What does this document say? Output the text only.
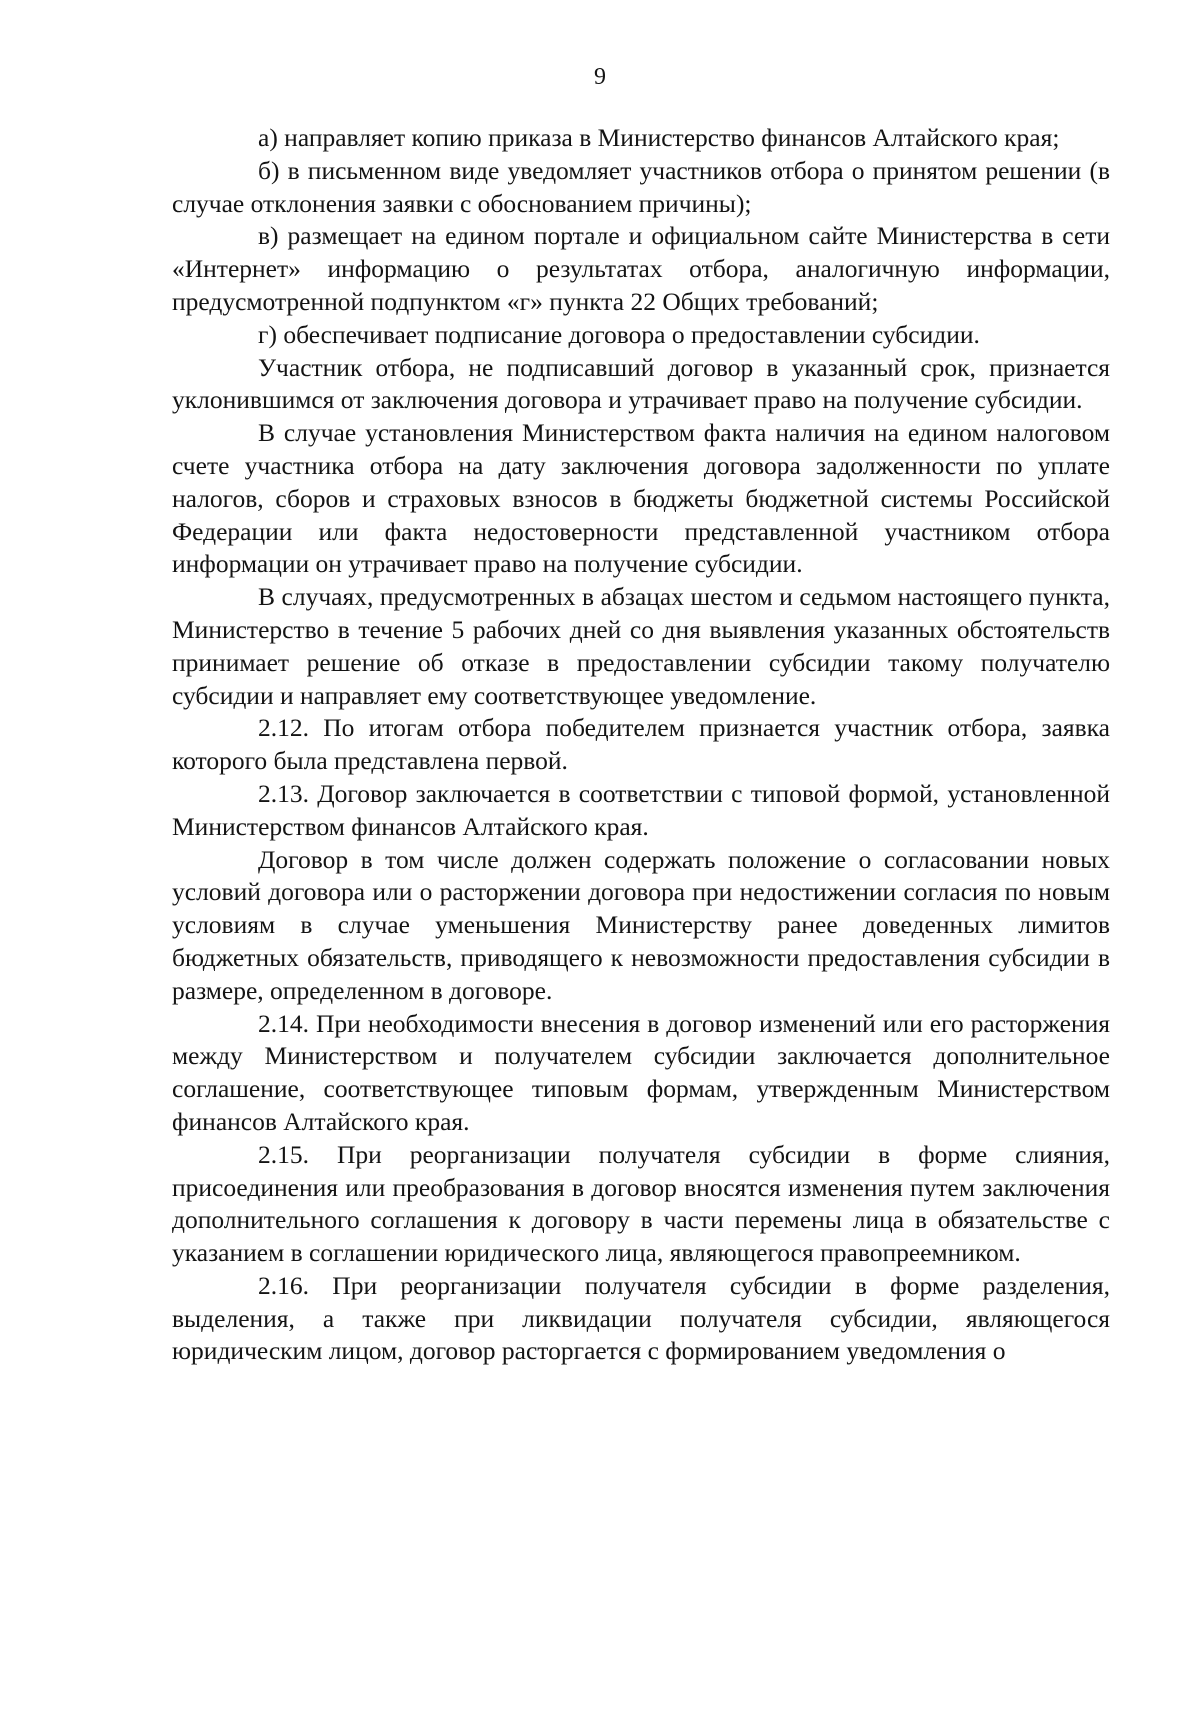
9

а) направляет копию приказа в Министерство финансов Алтайского края;

б) в письменном виде уведомляет участников отбора о принятом решении (в случае отклонения заявки с обоснованием причины);

в) размещает на едином портале и официальном сайте Министерства в сети «Интернет» информацию о результатах отбора, аналогичную информации, предусмотренной подпунктом «г» пункта 22 Общих требований;

г) обеспечивает подписание договора о предоставлении субсидии.

Участник отбора, не подписавший договор в указанный срок, признается уклонившимся от заключения договора и утрачивает право на получение субсидии.

В случае установления Министерством факта наличия на едином налоговом счете участника отбора на дату заключения договора задолженности по уплате налогов, сборов и страховых взносов в бюджеты бюджетной системы Российской Федерации или факта недостоверности представленной участником отбора информации он утрачивает право на получение субсидии.

В случаях, предусмотренных в абзацах шестом и седьмом настоящего пункта, Министерство в течение 5 рабочих дней со дня выявления указанных обстоятельств принимает решение об отказе в предоставлении субсидии такому получателю субсидии и направляет ему соответствующее уведомление.

2.12. По итогам отбора победителем признается участник отбора, заявка которого была представлена первой.

2.13. Договор заключается в соответствии с типовой формой, установленной Министерством финансов Алтайского края.

Договор в том числе должен содержать положение о согласовании новых условий договора или о расторжении договора при недостижении согласия по новым условиям в случае уменьшения Министерству ранее доведенных лимитов бюджетных обязательств, приводящего к невозможности предоставления субсидии в размере, определенном в договоре.

2.14. При необходимости внесения в договор изменений или его расторжения между Министерством и получателем субсидии заключается дополнительное соглашение, соответствующее типовым формам, утвержденным Министерством финансов Алтайского края.

2.15. При реорганизации получателя субсидии в форме слияния, присоединения или преобразования в договор вносятся изменения путем заключения дополнительного соглашения к договору в части перемены лица в обязательстве с указанием в соглашении юридического лица, являющегося правопреемником.

2.16. При реорганизации получателя субсидии в форме разделения, выделения, а также при ликвидации получателя субсидии, являющегося юридическим лицом, договор расторгается с формированием уведомления о
